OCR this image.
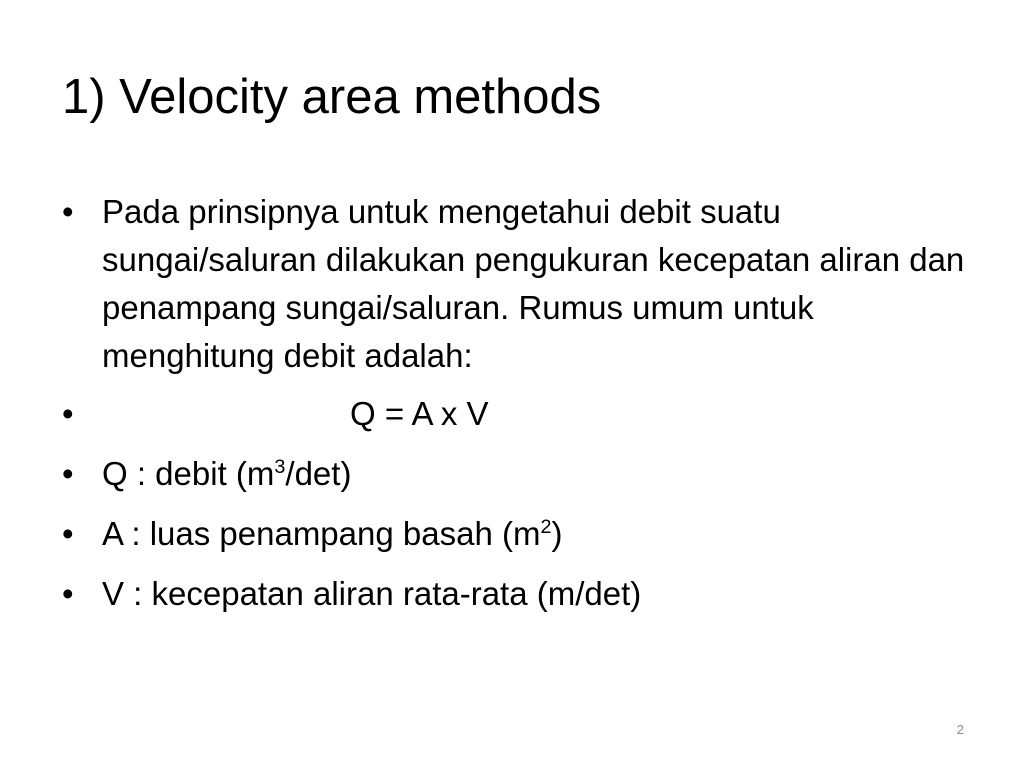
1) Velocity area methods
• Pada prinsipnya untuk mengetahui debit suatu sungai/saluran dilakukan pengukuran kecepatan aliran dan penampang sungai/saluran. Rumus umum untuk menghitung debit adalah:
•	Q = A x V
• Q : debit $(m^3/\det)$
• A : luas penampang basah $(m^2)$
• V : kecepatan aliran rata-rata (m/det)
2
